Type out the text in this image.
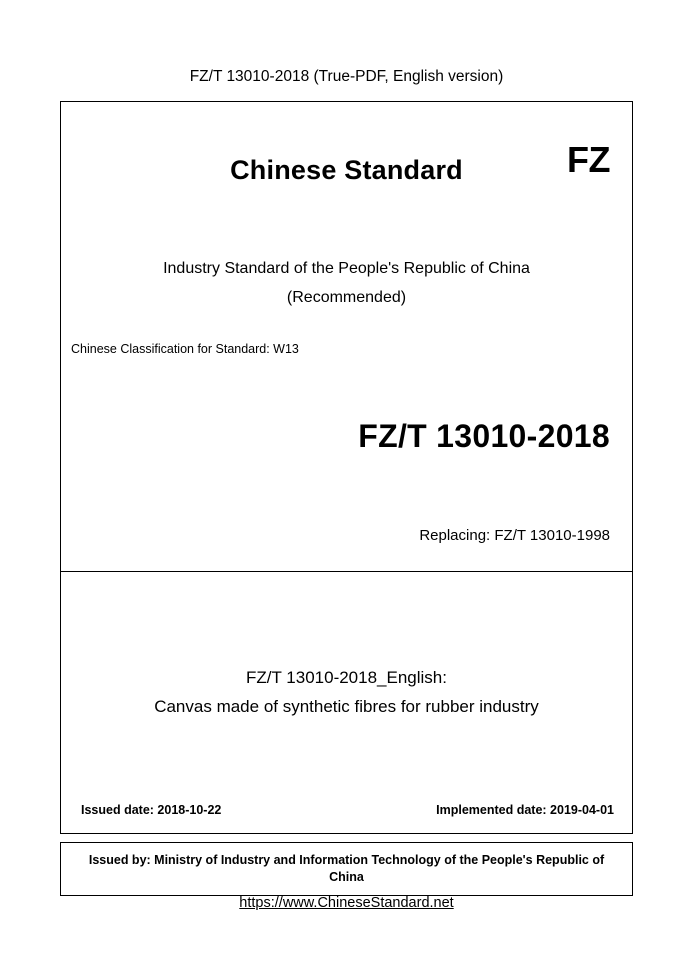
FZ/T 13010-2018 (True-PDF, English version)
Chinese Standard	FZ
Industry Standard of the People's Republic of China
(Recommended)
Chinese Classification for Standard: W13
FZ/T 13010-2018
Replacing: FZ/T 13010-1998
FZ/T 13010-2018_English:
Canvas made of synthetic fibres for rubber industry
Issued date: 2018-10-22	Implemented date: 2019-04-01
Issued by: Ministry of Industry and Information Technology of the People's Republic of China
https://www.ChineseStandard.net
